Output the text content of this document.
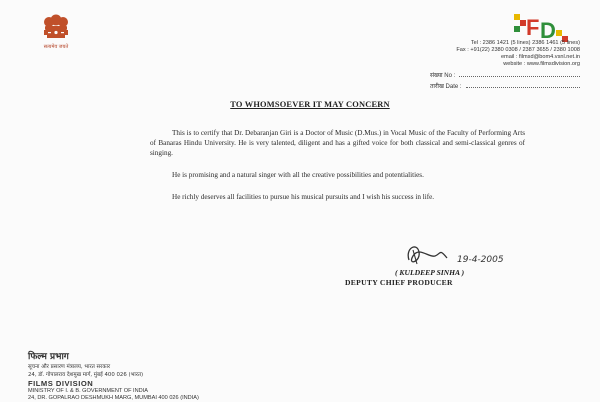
सत्यमेव जयते
F D
Tel : 2386 1421 (5 lines) 2386 1461 (5 lines)
Fax : +91(22) 2380 0308 / 2387 3655 / 2380 1008
email : filmsd@bom4.vsnl.net.in
website : www.filmsdivision.org
संख्या No :
तारीख Date :
TO WHOMSOEVER IT MAY CONCERN

This is to certify that Dr. Debaranjan Giri is a Doctor of Music (D.Mus.) in Vocal Music of the Faculty of Performing Arts of Banaras Hindu University. He is very talented, diligent and has a gifted voice for both classical and semi-classical genres of singing.

He is promising and a natural singer with all the creative possibilities and potentialities.

He richly deserves all facilities to pursue his musical pursuits and I wish his success in life.

19-4-2005
( KULDEEP SINHA )
DEPUTY CHIEF PRODUCER
फिल्म प्रभाग
सूचना और प्रसारण मंत्रालय, भारत सरकार
24, डॉ. गोपालराव देशमुख मार्ग, मुंबई 400 026 (भारत)
FILMS DIVISION
MINISTRY OF I. & B. GOVERNMENT OF INDIA
24, DR. GOPALRAO DESHMUKH MARG, MUMBAI 400 026 (INDIA)
